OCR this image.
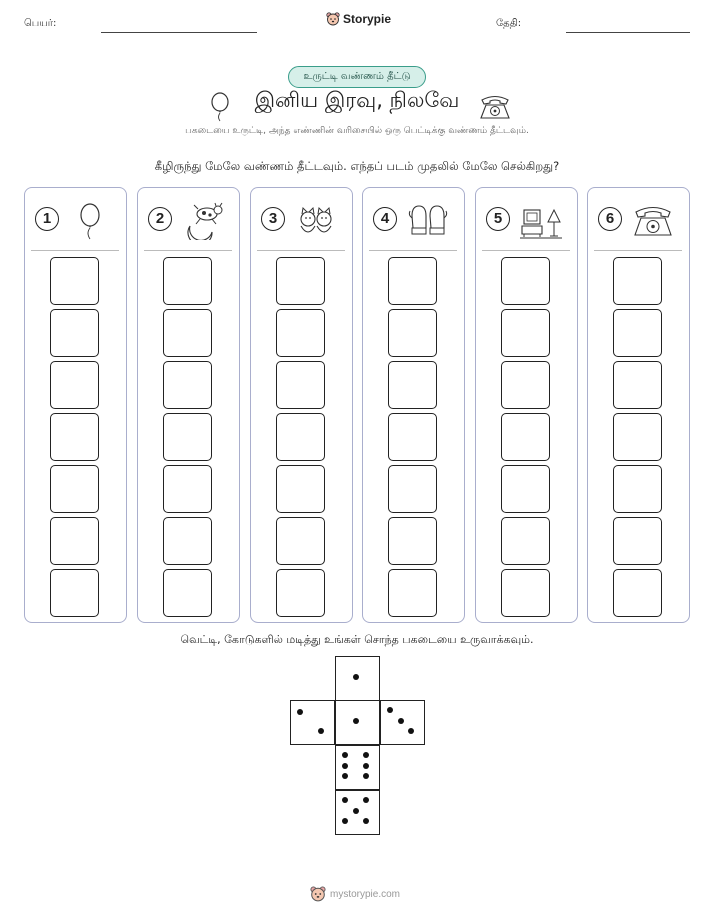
பெயர்:	Storypie	தேதி:
உருட்டி வண்ணம் தீட்டு
இனிய இரவு, நிலவே
பகடையை உருட்டி, அந்த எண்ணின் வரிசையில் ஒரு பெட்டிக்கு வண்ணம் தீட்டவும்.
கீழிருந்து மேலே வண்ணம் தீட்டவும். எந்தப் படம் முதலில் மேலே செல்கிறது?
1	2	3	4	5	6
வெட்டி, கோடுகளில் மடித்து உங்கள் சொந்த பகடையை உருவாக்கவும்.
mystorypie.com
